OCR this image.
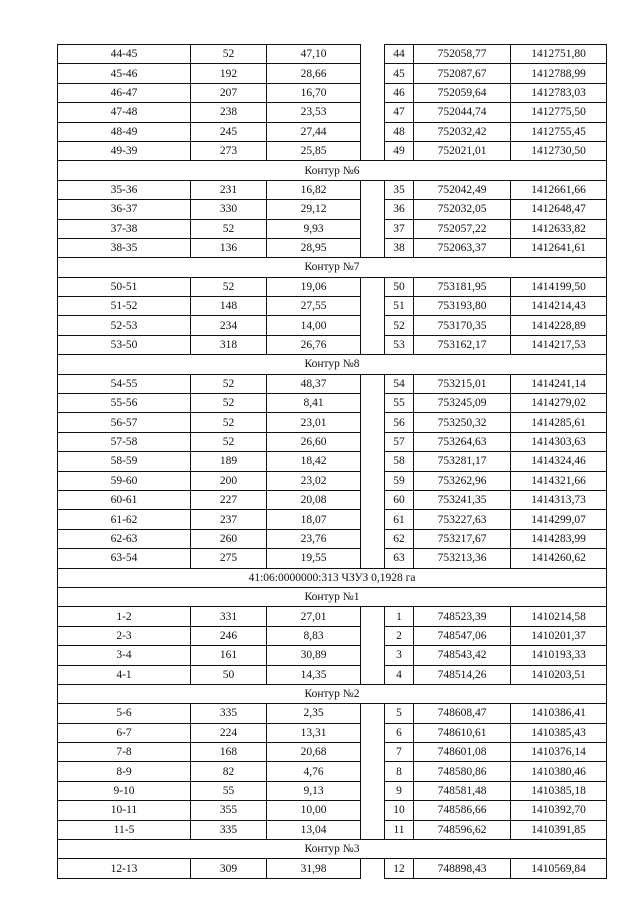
44-45	52	47,10		44	752058,77	1412751,80
45-46	192	28,66		45	752087,67	1412788,99
46-47	207	16,70		46	752059,64	1412783,03
47-48	238	23,53		47	752044,74	1412775,50
48-49	245	27,44		48	752032,42	1412755,45
49-39	273	25,85		49	752021,01	1412730,50
Контур №6						
35-36	231	16,82		35	752042,49	1412661,66
36-37	330	29,12		36	752032,05	1412648,47
37-38	52	9,93		37	752057,22	1412633,82
38-35	136	28,95		38	752063,37	1412641,61
Контур №7						
50-51	52	19,06		50	753181,95	1414199,50
51-52	148	27,55		51	753193,80	1414214,43
52-53	234	14,00		52	753170,35	1414228,89
53-50	318	26,76		53	753162,17	1414217,53
Контур №8						
54-55	52	48,37		54	753215,01	1414241,14
55-56	52	8,41		55	753245,09	1414279,02
56-57	52	23,01		56	753250,32	1414285,61
57-58	52	26,60		57	753264,63	1414303,63
58-59	189	18,42		58	753281,17	1414324,46
59-60	200	23,02		59	753262,96	1414321,66
60-61	227	20,08		60	753241,35	1414313,73
61-62	237	18,07		61	753227,63	1414299,07
62-63	260	23,76		62	753217,67	1414283,99
63-54	275	19,55		63	753213,36	1414260,62
41:06:0000000:313 ЧЗУЗ 0,1928 га						
Контур №1						
1-2	331	27,01		1	748523,39	1410214,58
2-3	246	8,83		2	748547,06	1410201,37
3-4	161	30,89		3	748543,42	1410193,33
4-1	50	14,35		4	748514,26	1410203,51
Контур №2						
5-6	335	2,35		5	748608,47	1410386,41
6-7	224	13,31		6	748610,61	1410385,43
7-8	168	20,68		7	748601,08	1410376,14
8-9	82	4,76		8	748580,86	1410380,46
9-10	55	9,13		9	748581,48	1410385,18
10-11	355	10,00		10	748586,66	1410392,70
11-5	335	13,04		11	748596,62	1410391,85
Контур №3						
12-13	309	31,98		12	748898,43	1410569,84
